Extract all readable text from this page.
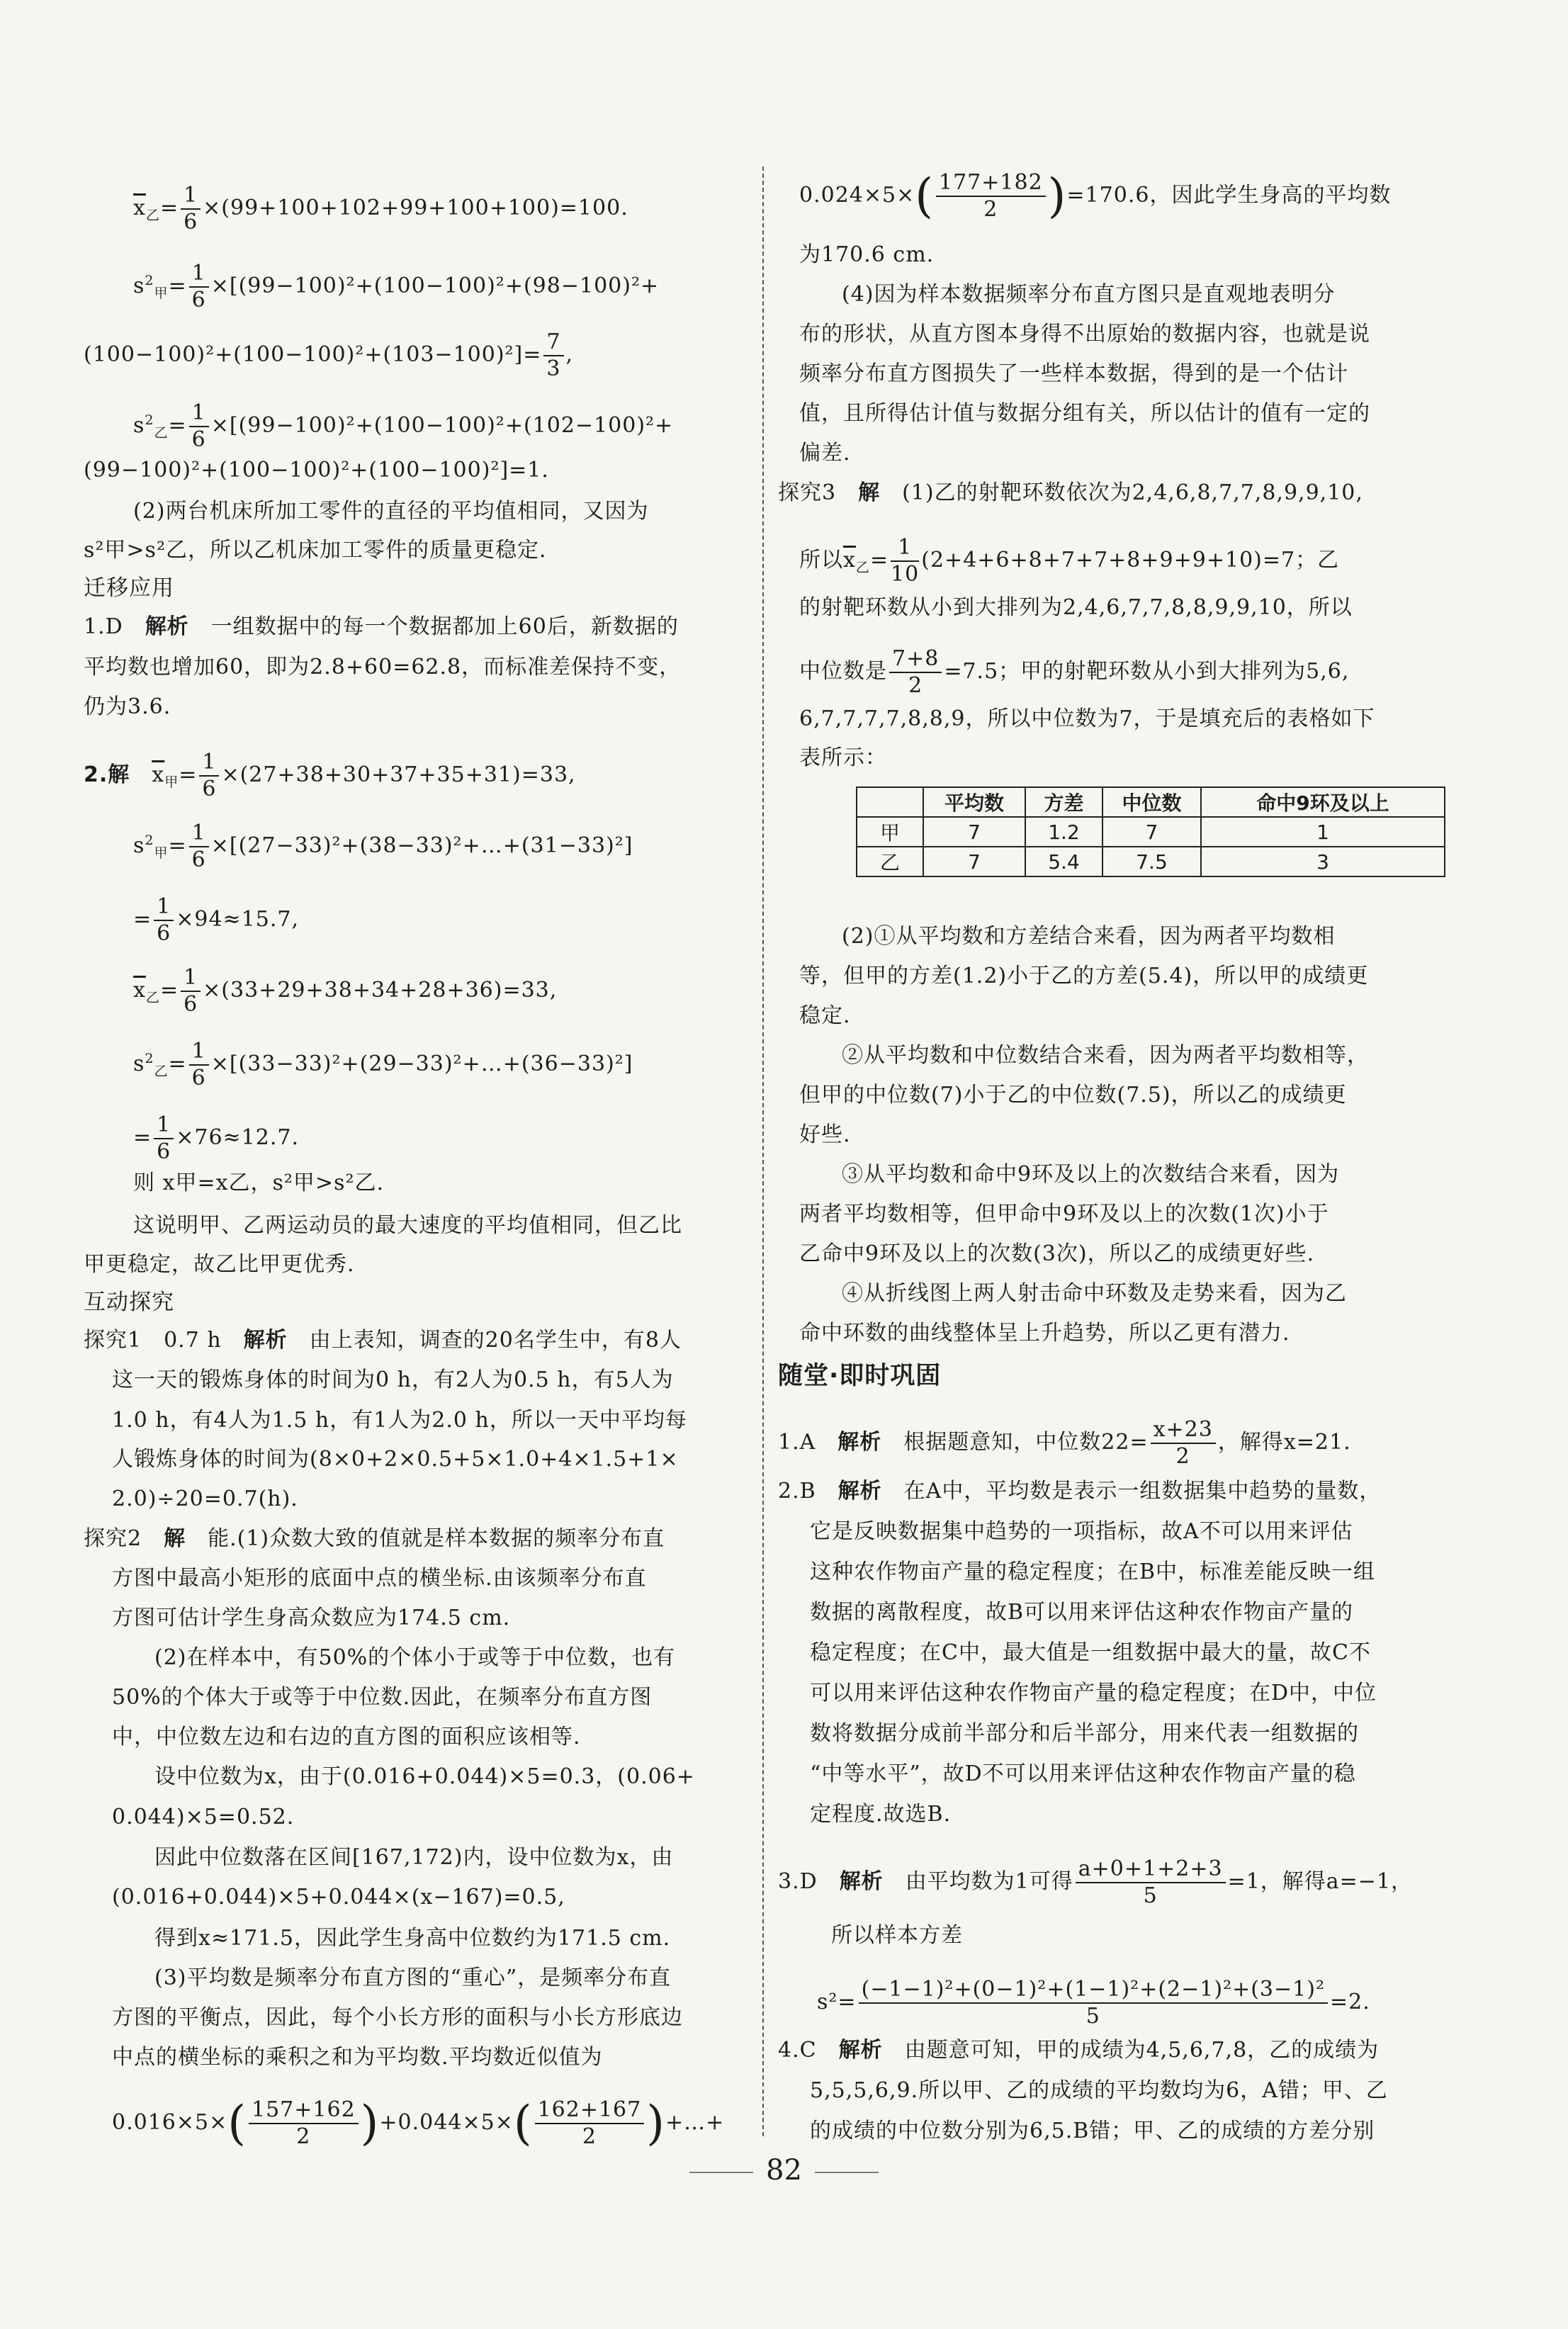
$\overline{x}_乙= \frac{1}{6} \times(99+100+102+99+100+100)=100$.
$s^2_甲= \frac{1}{6} \times[(99-100)^2+(100-100)^2+(98-100)^2+$
$(100-100)^2+(100-100)^2+(103-100)^2]= \frac{7}{3}$ ,
$s^2_乙= \frac{1}{6} \times[(99-100)^2+(100-100)^2+(102-100)^2+$
(99−100)²+(100−100)²+(100−100)²]=1.
(2)两台机床所加工零件的直径的平均值相同，又因为
s²甲>s²乙，所以乙机床加工零件的质量更稳定.
迁移应用
1.D　 解析　 一组数据中的每一个数据都加上60后，新数据的
平均数也增加60，即为2.8+60=62.8，而标准差保持不变，
仍为3.6.
2.解　 $\overline{x}_甲= \frac{1}{6} \times(27+38+30+37+35+31)=33$,
$s^2_甲= \frac{1}{6}$ ×[(27−33)²+(38−33)²+…+(31−33)²]
= $\frac{1}{6} \times 94\approx 15.7$,
$\overline{x}_乙= \frac{1}{6} \times(33+29+38+34+28+36)=33$,
$s^2_乙= \frac{1}{6}$ ×[(33−33)²+(29−33)²+…+(36−33)²]
= $\frac{1}{6} \times 76\approx 12.7$.
则 x甲=x乙，s²甲>s²乙.
这说明甲、乙两运动员的最大速度的平均值相同，但乙比
甲更稳定，故乙比甲更优秀.
互动探究
探究1　0.7 h　 解析　 由上表知，调查的20名学生中，有8人
这一天的锻炼身体的时间为0 h，有2人为0.5 h，有5人为
1.0 h，有4人为1.5 h，有1人为2.0 h，所以一天中平均每
人锻炼身体的时间为(8×0+2×0.5+5×1.0+4×1.5+1×
2.0)÷20=0.7(h).
探究2　 解　 能.(1)众数大致的值就是样本数据的频率分布直
方图中最高小矩形的底面中点的横坐标.由该频率分布直
方图可估计学生身高众数应为174.5 cm.
(2)在样本中，有50%的个体小于或等于中位数，也有
50%的个体大于或等于中位数.因此，在频率分布直方图
中，中位数左边和右边的直方图的面积应该相等.
设中位数为x，由于(0.016+0.044)×5=0.3，(0.06+
0.044)×5=0.52.
因此中位数落在区间[167,172)内，设中位数为x，由
(0.016+0.044)×5+0.044×(x−167)=0.5,
得到x≈171.5，因此学生身高中位数约为171.5 cm.
(3)平均数是频率分布直方图的“重心”，是频率分布直
方图的平衡点，因此，每个小长方形的面积与小长方形底边
中点的横坐标的乘积之和为平均数.平均数近似值为
$0.016\times 5\times( \frac{157+162}{2} )+0.044\times 5\times( \frac{162+167}{2}$ )+…+
$0.024\times 5\times( \frac{177+182}{2} )=170.6$，因此学生身高的平均数
为170.6 cm.
(4)因为样本数据频率分布直方图只是直观地表明分
布的形状，从直方图本身得不出原始的数据内容，也就是说
频率分布直方图损失了一些样本数据，得到的是一个估计
值，且所得估计值与数据分组有关，所以估计的值有一定的
偏差.
探究3　 解　 (1)乙的射靶环数依次为2,4,6,8,7,7,8,9,9,10,
所以$\overline{x}_乙= \frac{1}{10} (2+4+6+8+7+7+8+9+9+10)=7$；乙
的射靶环数从小到大排列为2,4,6,7,7,8,8,9,9,10，所以
中位数是 $\frac{7+8}{2} =7.5$；甲的射靶环数从小到大排列为5,6,
6,7,7,7,7,8,8,9，所以中位数为7，于是填充后的表格如下
表所示：
	平均数	方差	中位数	命中9环及以上
甲	7	1.2	7	1
乙	7	5.4	7.5	3
(2)①从平均数和方差结合来看，因为两者平均数相
等，但甲的方差(1.2)小于乙的方差(5.4)，所以甲的成绩更
稳定.
②从平均数和中位数结合来看，因为两者平均数相等，
但甲的中位数(7)小于乙的中位数(7.5)，所以乙的成绩更
好些.
③从平均数和命中9环及以上的次数结合来看，因为
两者平均数相等，但甲命中9环及以上的次数(1次)小于
乙命中9环及以上的次数(3次)，所以乙的成绩更好些.
④从折线图上两人射击命中环数及走势来看，因为乙
命中环数的曲线整体呈上升趋势，所以乙更有潜力.
随堂·即时巩固
1.A　 解析　 根据题意知，中位数$22= \frac{x+23}{2}$ ，解得x=21.
2.B　 解析　 在A中，平均数是表示一组数据集中趋势的量数，
它是反映数据集中趋势的一项指标，故A不可以用来评估
这种农作物亩产量的稳定程度；在B中，标准差能反映一组
数据的离散程度，故B可以用来评估这种农作物亩产量的
稳定程度；在C中，最大值是一组数据中最大的量，故C不
可以用来评估这种农作物亩产量的稳定程度；在D中，中位
数将数据分成前半部分和后半部分，用来代表一组数据的
“中等水平”，故D不可以用来评估这种农作物亩产量的稳
定程度.故选B.
3.D　 解析　 由平均数为1可得 $\frac{a+0+1+2+3}{5} =1$，解得a=−1，
所以样本方差
$s^2= \frac{\text{(−1−1)²+(0−1)²+(1−1)²+(2−1)²+(3−1)²}}{5} =2$.
4.C　 解析　 由题意可知，甲的成绩为4,5,6,7,8，乙的成绩为
5,5,5,6,9.所以甲、乙的成绩的平均数均为6，A错；甲、乙
的成绩的中位数分别为6,5.B错；甲、乙的成绩的方差分别
82
